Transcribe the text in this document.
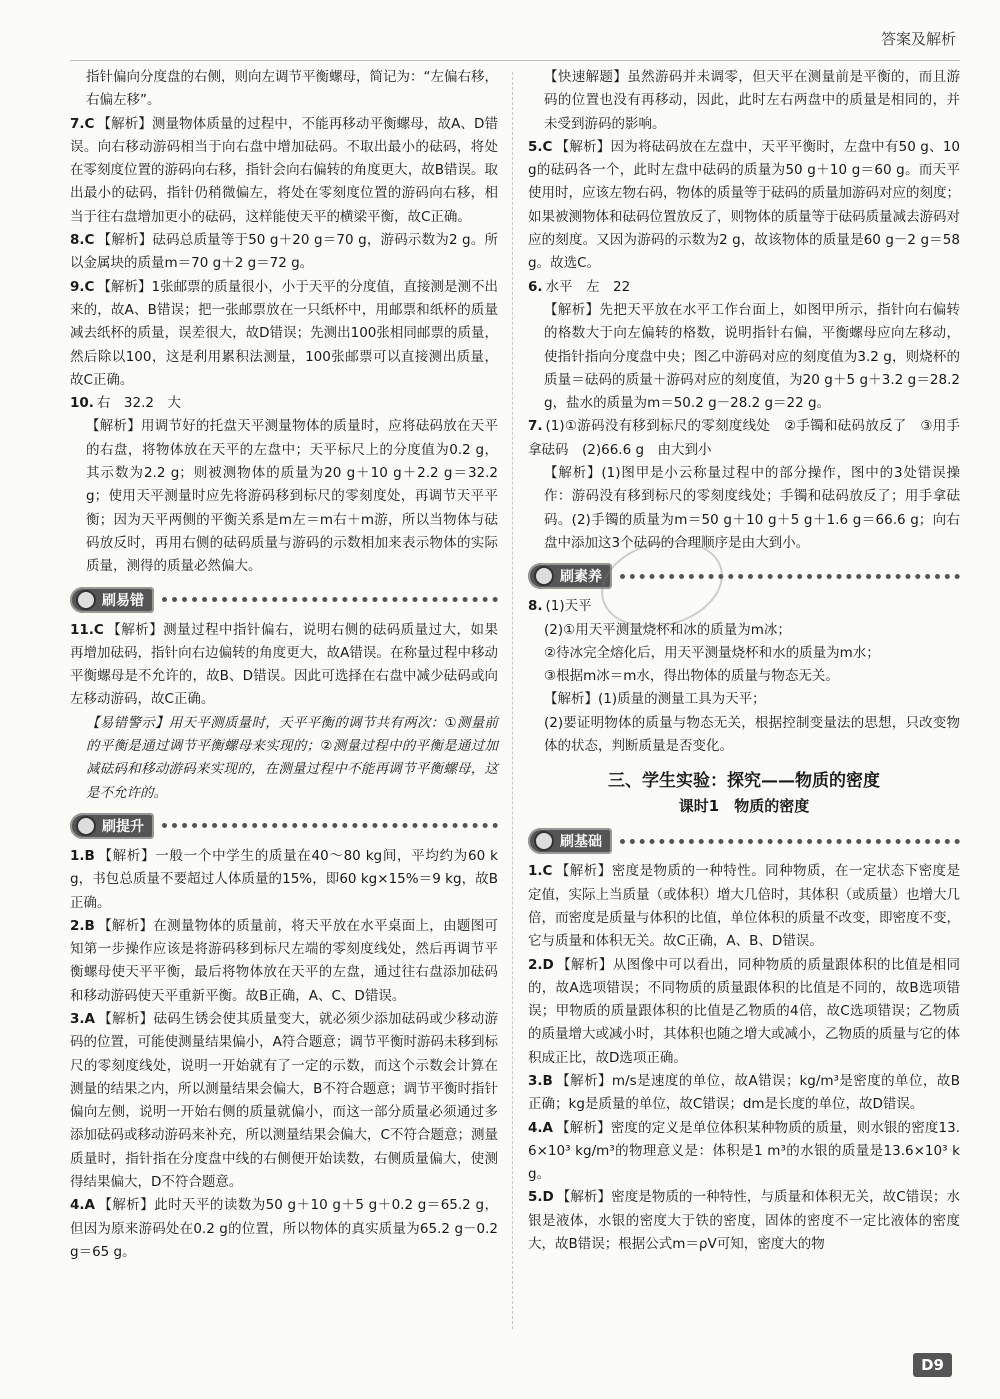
答案及解析

指针偏向分度盘的右侧，则向左调节平衡螺母，简记为：“左偏右移，右偏左移”。

7.C 【解析】测量物体质量的过程中，不能再移动平衡螺母，故A、D错误。向右移动游码相当于向右盘中增加砝码。不取出最小的砝码，将处在零刻度位置的游码向右移，指针会向右偏转的角度更大，故B错误。取出最小的砝码，指针仍稍微偏左，将处在零刻度位置的游码向右移，相当于往右盘增加更小的砝码，这样能使天平的横梁平衡，故C正确。

8.C 【解析】砝码总质量等于50 g＋20 g＝70 g，游码示数为2 g。所以金属块的质量m＝70 g＋2 g＝72 g。

9.C 【解析】1张邮票的质量很小，小于天平的分度值，直接测是测不出来的，故A、B错误；把一张邮票放在一只纸杯中，用邮票和纸杯的质量减去纸杯的质量，误差很大，故D错误；先测出100张相同邮票的质量，然后除以100，这是利用累积法测量，100张邮票可以直接测出质量，故C正确。

10. 右　32.2　大

【解析】用调节好的托盘天平测量物体的质量时，应将砝码放在天平的右盘，将物体放在天平的左盘中；天平标尺上的分度值为0.2 g，其示数为2.2 g；则被测物体的质量为20 g＋10 g＋2.2 g＝32.2 g；使用天平测量时应先将游码移到标尺的零刻度处，再调节天平平衡；因为天平两侧的平衡关系是m左＝m右＋m游，所以当物体与砝码放反时，再用右侧的砝码质量与游码的示数相加来表示物体的实际质量，测得的质量必然偏大。

刷易错

11.C 【解析】测量过程中指针偏右，说明右侧的砝码质量过大，如果再增加砝码，指针向右边偏转的角度更大，故A错误。在称量过程中移动平衡螺母是不允许的，故B、D错误。因此可选择在右盘中减少砝码或向左移动游码，故C正确。

【易错警示】用天平测质量时，天平平衡的调节共有两次：①测量前的平衡是通过调节平衡螺母来实现的；②测量过程中的平衡是通过加减砝码和移动游码来实现的，在测量过程中不能再调节平衡螺母，这是不允许的。

刷提升

1.B 【解析】一般一个中学生的质量在40～80 kg间，平均约为60 kg，书包总质量不要超过人体质量的15%，即60 kg×15%＝9 kg，故B正确。

2.B 【解析】在测量物体的质量前，将天平放在水平桌面上，由题图可知第一步操作应该是将游码移到标尺左端的零刻度线处，然后再调节平衡螺母使天平平衡，最后将物体放在天平的左盘，通过往右盘添加砝码和移动游码使天平重新平衡。故B正确，A、C、D错误。

3.A 【解析】砝码生锈会使其质量变大，就必须少添加砝码或少移动游码的位置，可能使测量结果偏小，A符合题意；调节平衡时游码未移到标尺的零刻度线处，说明一开始就有了一定的示数，而这个示数会计算在测量的结果之内，所以测量结果会偏大，B不符合题意；调节平衡时指针偏向左侧，说明一开始右侧的质量就偏小，而这一部分质量必须通过多添加砝码或移动游码来补充，所以测量结果会偏大，C不符合题意；测量质量时，指针指在分度盘中线的右侧便开始读数，右侧质量偏大，使测得结果偏大，D不符合题意。

4.A 【解析】此时天平的读数为50 g＋10 g＋5 g＋0.2 g＝65.2 g，但因为原来游码处在0.2 g的位置，所以物体的真实质量为65.2 g－0.2 g＝65 g。

【快速解题】虽然游码并未调零，但天平在测量前是平衡的，而且游码的位置也没有再移动，因此，此时左右两盘中的质量是相同的，并未受到游码的影响。

5.C 【解析】因为将砝码放在左盘中，天平平衡时，左盘中有50 g、10 g的砝码各一个，此时左盘中砝码的质量为50 g＋10 g＝60 g。而天平使用时，应该左物右码，物体的质量等于砝码的质量加游码对应的刻度；如果被测物体和砝码位置放反了，则物体的质量等于砝码质量减去游码对应的刻度。又因为游码的示数为2 g，故该物体的质量是60 g－2 g＝58 g。故选C。

6. 水平　左　22

【解析】先把天平放在水平工作台面上，如图甲所示，指针向右偏转的格数大于向左偏转的格数，说明指针右偏，平衡螺母应向左移动，使指针指向分度盘中央；图乙中游码对应的刻度值为3.2 g，则烧杯的质量＝砝码的质量＋游码对应的刻度值，为20 g＋5 g＋3.2 g＝28.2 g，盐水的质量为m＝50.2 g－28.2 g＝22 g。

7. (1)①游码没有移到标尺的零刻度线处　②手镯和砝码放反了　③用手拿砝码　(2)66.6 g　由大到小

【解析】(1)图甲是小云称量过程中的部分操作，图中的3处错误操作：游码没有移到标尺的零刻度线处；手镯和砝码放反了；用手拿砝码。(2)手镯的质量为m＝50 g＋10 g＋5 g＋1.6 g＝66.6 g；向右盘中添加这3个砝码的合理顺序是由大到小。

刷素养

8. (1)天平

(2)①用天平测量烧杯和冰的质量为m冰；

②待冰完全熔化后，用天平测量烧杯和水的质量为m水；

③根据m冰＝m水，得出物体的质量与物态无关。

【解析】(1)质量的测量工具为天平；

(2)要证明物体的质量与物态无关，根据控制变量法的思想，只改变物体的状态，判断质量是否变化。

三、学生实验：探究——物质的密度
课时1　物质的密度
刷基础

1.C 【解析】密度是物质的一种特性。同种物质，在一定状态下密度是定值，实际上当质量（或体积）增大几倍时，其体积（或质量）也增大几倍，而密度是质量与体积的比值，单位体积的质量不改变，即密度不变，它与质量和体积无关。故C正确，A、B、D错误。

2.D 【解析】从图像中可以看出，同种物质的质量跟体积的比值是相同的，故A选项错误；不同物质的质量跟体积的比值是不同的，故B选项错误；甲物质的质量跟体积的比值是乙物质的4倍，故C选项错误；乙物质的质量增大或减小时，其体积也随之增大或减小，乙物质的质量与它的体积成正比，故D选项正确。

3.B 【解析】m/s是速度的单位，故A错误；kg/m³是密度的单位，故B正确；kg是质量的单位，故C错误；dm是长度的单位，故D错误。

4.A 【解析】密度的定义是单位体积某种物质的质量，则水银的密度13.6×10³ kg/m³的物理意义是：体积是1 m³的水银的质量是13.6×10³ kg。

5.D 【解析】密度是物质的一种特性，与质量和体积无关，故C错误；水银是液体，水银的密度大于铁的密度，固体的密度不一定比液体的密度大，故B错误；根据公式m＝ρV可知，密度大的物

D9
